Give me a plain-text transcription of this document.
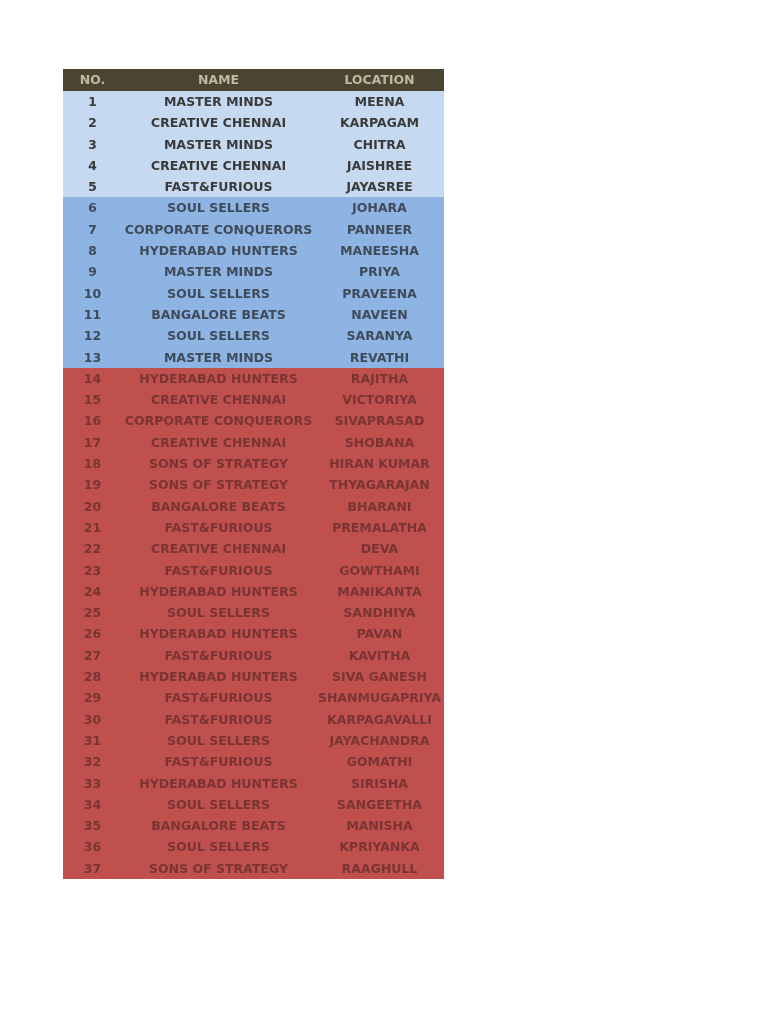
NO.	NAME	LOCATION
1	MASTER MINDS	MEENA
2	CREATIVE CHENNAI	KARPAGAM
3	MASTER MINDS	CHITRA
4	CREATIVE CHENNAI	JAISHREE
5	FAST&FURIOUS	JAYASREE
6	SOUL SELLERS	JOHARA
7	CORPORATE CONQUERORS	PANNEER
8	HYDERABAD HUNTERS	MANEESHA
9	MASTER MINDS	PRIYA
10	SOUL SELLERS	PRAVEENA
11	BANGALORE BEATS	NAVEEN
12	SOUL SELLERS	SARANYA
13	MASTER MINDS	REVATHI
14	HYDERABAD HUNTERS	RAJITHA
15	CREATIVE CHENNAI	VICTORIYA
16	CORPORATE CONQUERORS	SIVAPRASAD
17	CREATIVE CHENNAI	SHOBANA
18	SONS OF STRATEGY	HIRAN KUMAR
19	SONS OF STRATEGY	THYAGARAJAN
20	BANGALORE BEATS	BHARANI
21	FAST&FURIOUS	PREMALATHA
22	CREATIVE CHENNAI	DEVA
23	FAST&FURIOUS	GOWTHAMI
24	HYDERABAD HUNTERS	MANIKANTA
25	SOUL SELLERS	SANDHIYA
26	HYDERABAD HUNTERS	PAVAN
27	FAST&FURIOUS	KAVITHA
28	HYDERABAD HUNTERS	SIVA GANESH
29	FAST&FURIOUS	SHANMUGAPRIYA
30	FAST&FURIOUS	KARPAGAVALLI
31	SOUL SELLERS	JAYACHANDRA
32	FAST&FURIOUS	GOMATHI
33	HYDERABAD HUNTERS	SIRISHA
34	SOUL SELLERS	SANGEETHA
35	BANGALORE BEATS	MANISHA
36	SOUL SELLERS	KPRIYANKA
37	SONS OF STRATEGY	RAAGHULL
